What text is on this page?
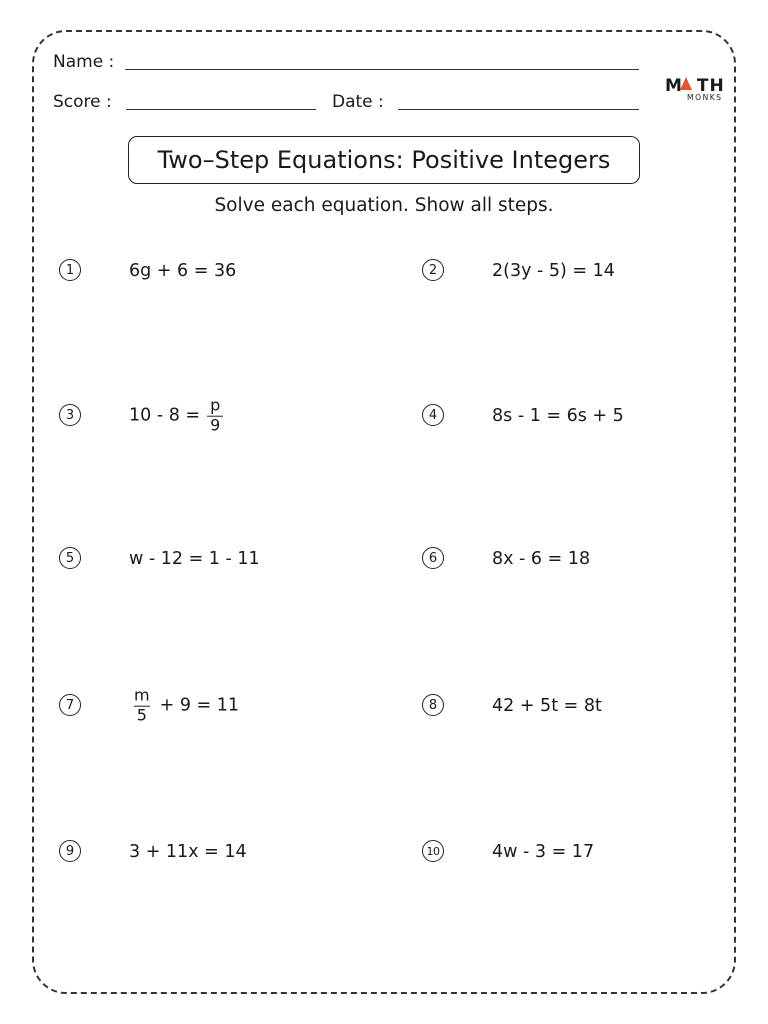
Name :
Score :	Date :
M TH
MONKS
Two–Step Equations: Positive Integers
Solve each equation. Show all steps.
1	6g + 6 = 36
3	$10 - 8 = \frac{p}{9}$
5	w - 12 = 1 - 11
7	$\frac{m}{5} + 9 = 11$
9	3 + 11x = 14
2	2(3y - 5) = 14
4	8s - 1 = 6s + 5
6	8x - 6 = 18
8	42 + 5t = 8t
10	4w - 3 = 17
